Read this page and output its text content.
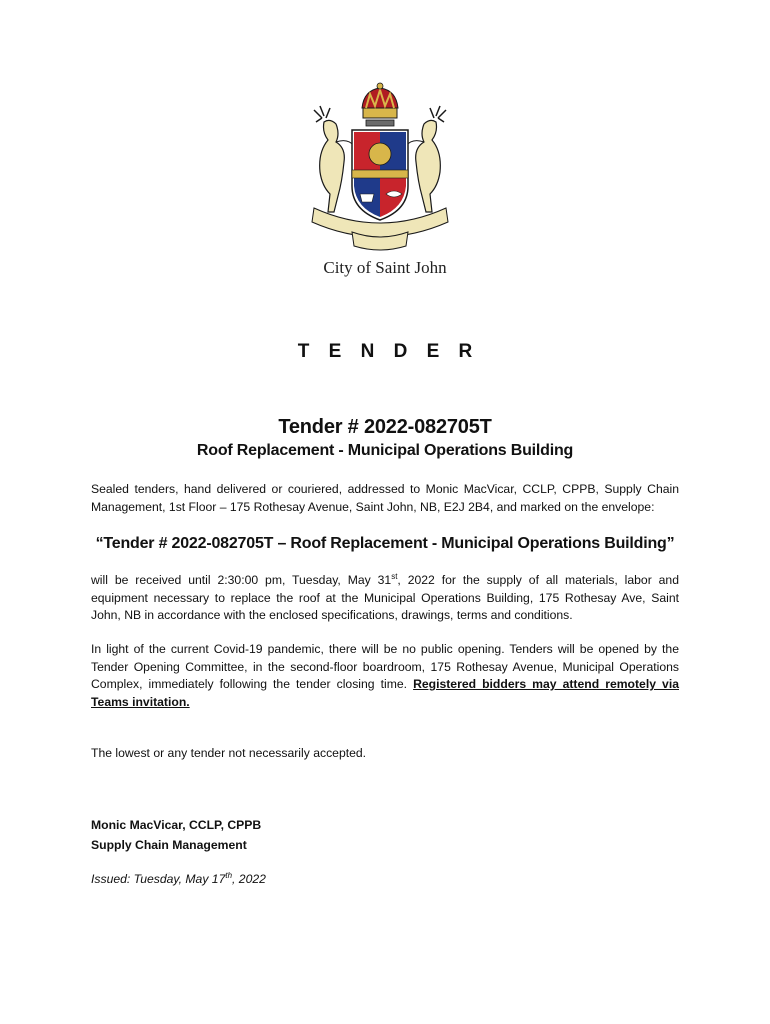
City of Saint John
T E N D E R
Tender # 2022-082705T
Roof Replacement - Municipal Operations Building
Sealed tenders, hand delivered or couriered, addressed to Monic MacVicar, CCLP, CPPB, Supply Chain Management, 1st Floor – 175 Rothesay Avenue, Saint John, NB, E2J 2B4, and marked on the envelope:
“Tender # 2022-082705T – Roof Replacement - Municipal Operations Building”
will be received until 2:30:00 pm, Tuesday, May 31st, 2022 for the supply of all materials, labor and equipment necessary to replace the roof at the Municipal Operations Building, 175 Rothesay Ave, Saint John, NB in accordance with the enclosed specifications, drawings, terms and conditions.
In light of the current Covid-19 pandemic, there will be no public opening. Tenders will be opened by the Tender Opening Committee, in the second-floor boardroom, 175 Rothesay Avenue, Municipal Operations Complex, immediately following the tender closing time. Registered bidders may attend remotely via Teams invitation.
The lowest or any tender not necessarily accepted.
Monic MacVicar, CCLP, CPPB
Supply Chain Management
Issued: Tuesday, May 17th, 2022
